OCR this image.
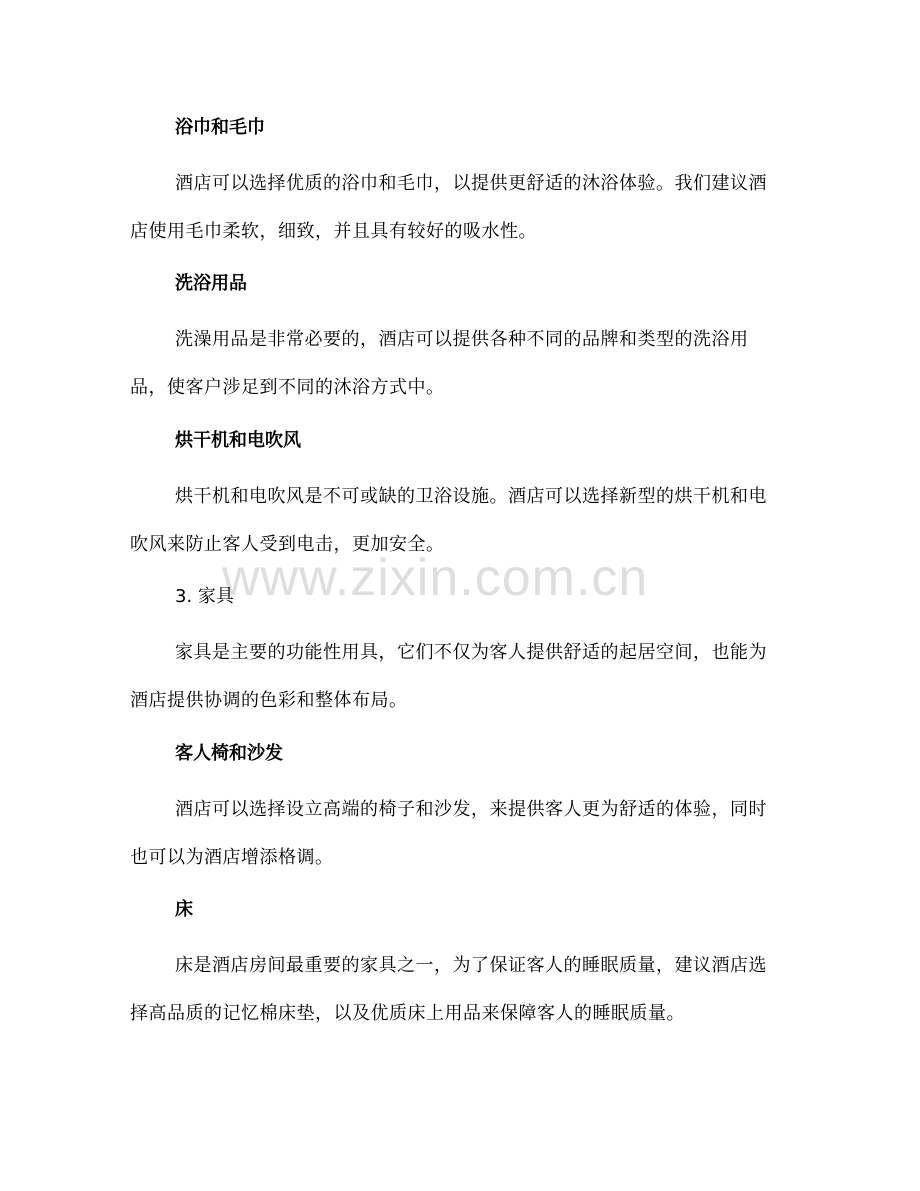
浴巾和毛巾

酒店可以选择优质的浴巾和毛巾，以提供更舒适的沐浴体验。我们建议酒店使用毛巾柔软，细致，并且具有较好的吸水性。

洗浴用品

洗澡用品是非常必要的，酒店可以提供各种不同的品牌和类型的洗浴用品，使客户涉足到不同的沐浴方式中。

烘干机和电吹风

烘干机和电吹风是不可或缺的卫浴设施。酒店可以选择新型的烘干机和电吹风来防止客人受到电击，更加安全。

3. 家具

家具是主要的功能性用具，它们不仅为客人提供舒适的起居空间，也能为酒店提供协调的色彩和整体布局。

客人椅和沙发

酒店可以选择设立高端的椅子和沙发，来提供客人更为舒适的体验，同时也可以为酒店增添格调。

床

床是酒店房间最重要的家具之一，为了保证客人的睡眠质量，建议酒店选择高品质的记忆棉床垫，以及优质床上用品来保障客人的睡眠质量。

www.zixin.com.cn
